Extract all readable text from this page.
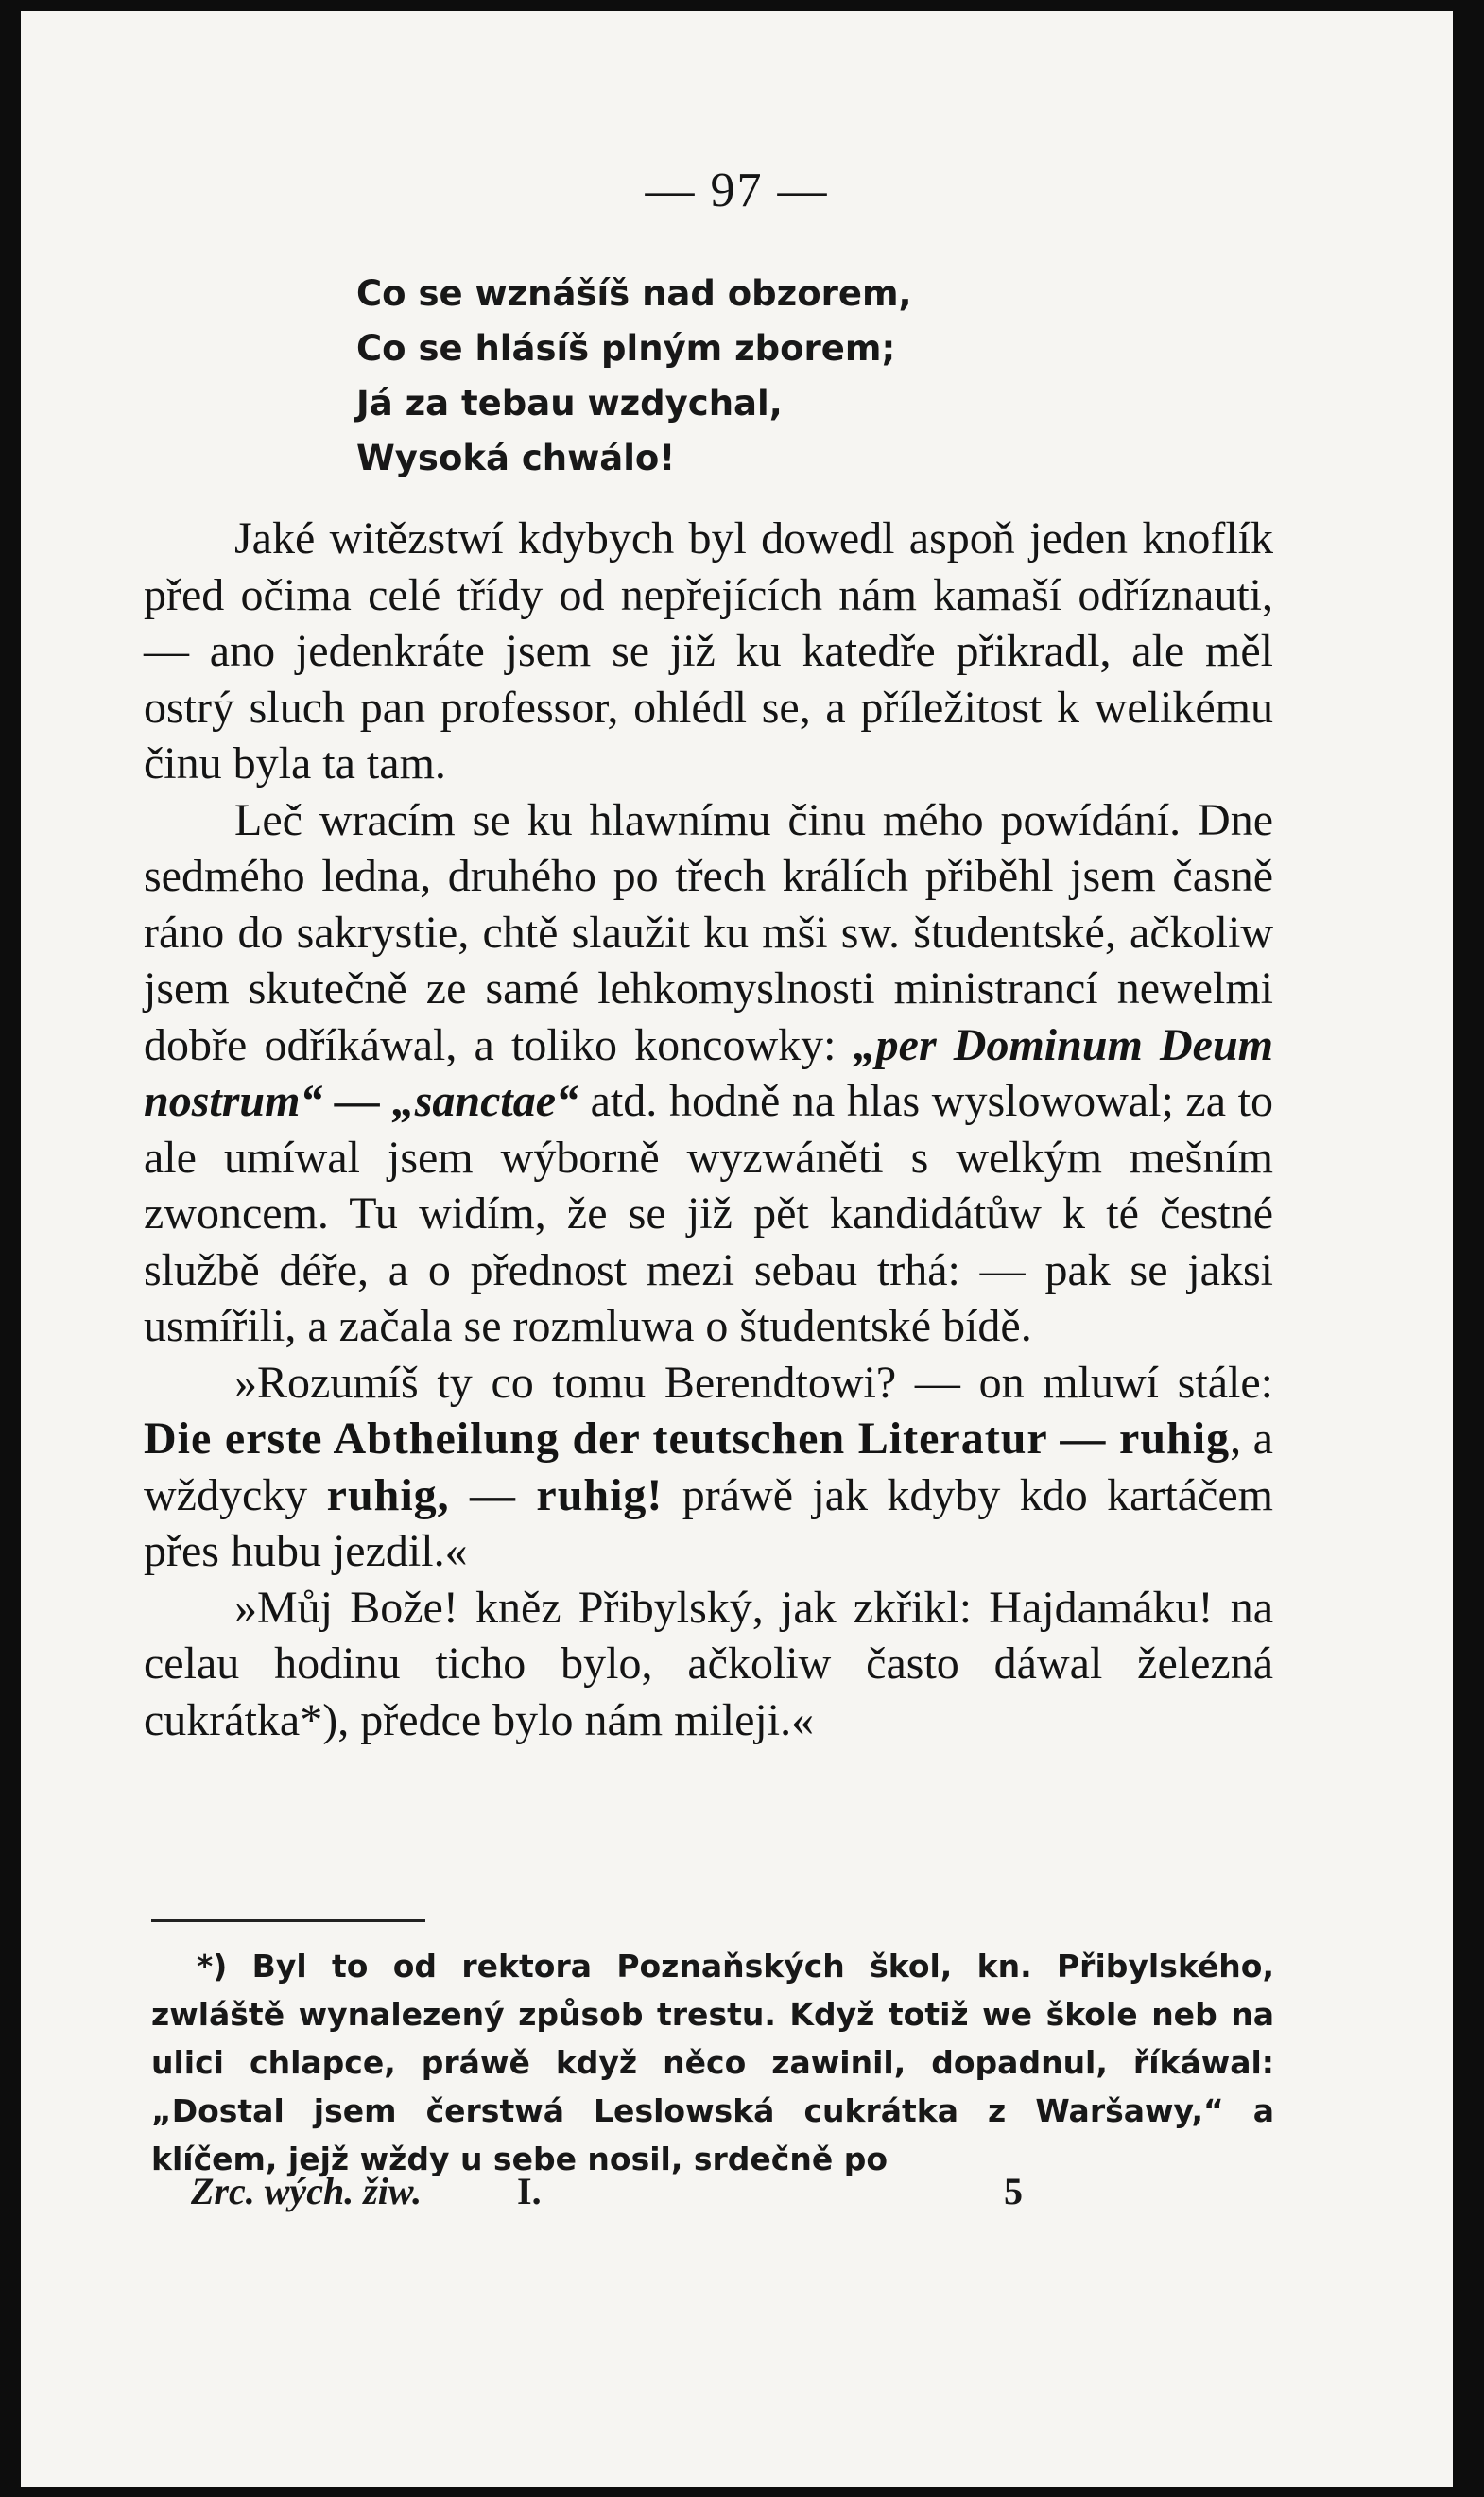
— 97 —
Co se wznášíš nad obzorem,
Co se hlásíš plným zborem;
Já za tebau wzdychal,
Wysoká chwálo!

Jaké witězstwí kdybych byl dowedl aspoň jeden knoflík před očima celé třídy od nepřejících nám kamaší odříznauti, — ano jedenkráte jsem se již ku katedře přikradl, ale měl ostrý sluch pan professor, ohlédl se, a příležitost k welikému činu byla ta tam.

Leč wracím se ku hlawnímu činu mého powídání. Dne sedmého ledna, druhého po třech králích přiběhl jsem časně ráno do sakrystie, chtě slaužit ku mši sw. študentské, ačkoliw jsem skutečně ze samé lehkomyslnosti ministrancí newelmi dobře odříkáwal, a toliko koncowky: „per Dominum Deum nostrum“ — „sanctae“ atd. hodně na hlas wyslowowal; za to ale umíwal jsem wýborně wyzwáněti s welkým mešním zwoncem. Tu widím, že se již pět kandidátůw k té čestné službě déře, a o přednost mezi sebau trhá: — pak se jaksi usmířili, a začala se rozmluwa o študentské bídě.

»Rozumíš ty co tomu Berendtowi? — on mluwí stále: Die erste Abtheilung der teutschen Literatur — ruhig, a wždycky ruhig, — ruhig! práwě jak kdyby kdo kartáčem přes hubu jezdil.«

»Můj Bože! kněz Přibylský, jak zkřikl: Hajdamáku! na celau hodinu ticho bylo, ačkoliw často dáwal železná cukrátka*), předce bylo nám mileji.«

*) Byl to od rektora Poznaňských škol, kn. Přibylského, zwláště wynalezený způsob trestu. Když totiž we škole neb na ulici chlapce, práwě když něco zawinil, dopadnul, říkáwal: „Dostal jsem čerstwá Leslowská cukrátka z Waršawy,“ a klíčem, jejž wždy u sebe nosil, srdečně po

Zrc. wých. žiw.	I.	5
